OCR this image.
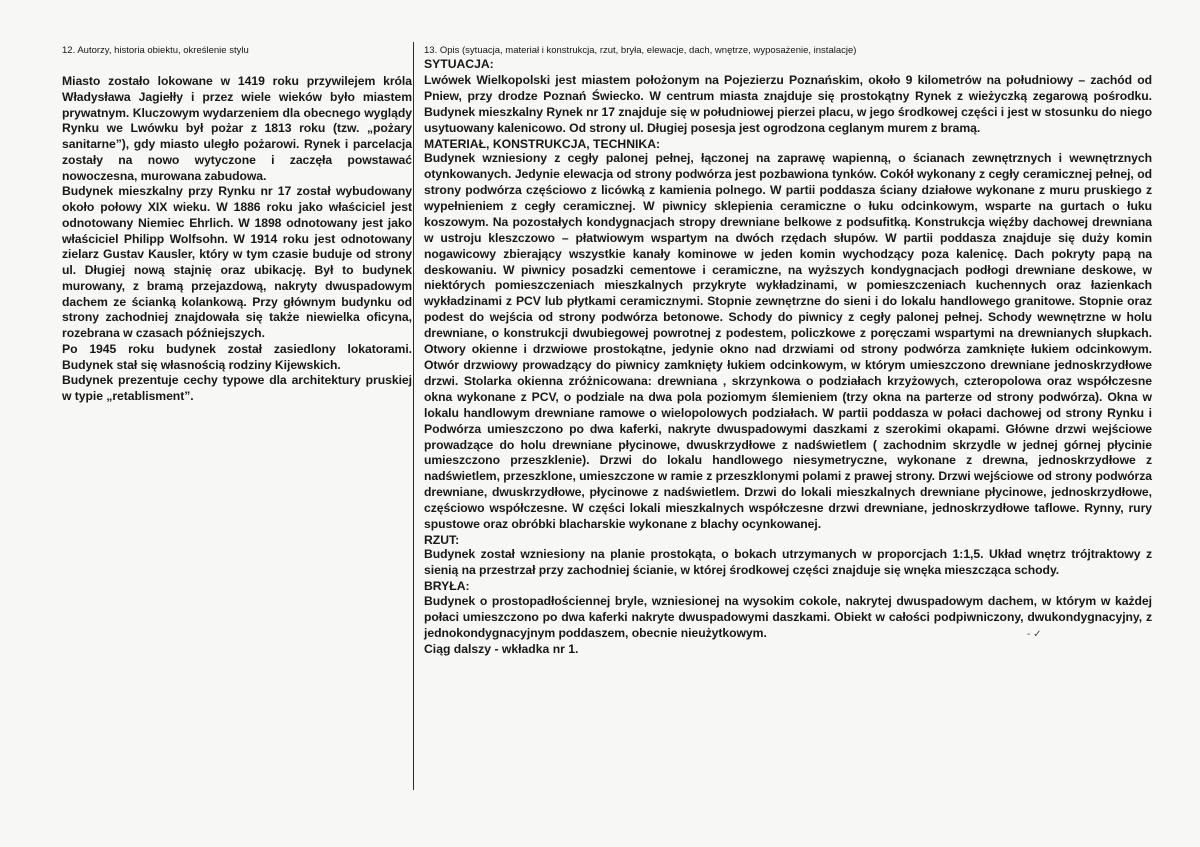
12. Autorzy, historia obiektu, określenie stylu

Miasto zostało lokowane w 1419 roku przywilejem króla Władysława Jagiełły i przez wiele wieków było miastem prywatnym. Kluczowym wydarzeniem dla obecnego wyglądy Rynku we Lwówku był pożar z 1813 roku (tzw. „pożary sanitarne”), gdy miasto uległo pożarowi. Rynek i parcelacja zostały na nowo wytyczone i zaczęła powstawać nowoczesna, murowana zabudowa.

Budynek mieszkalny przy Rynku nr 17 został wybudowany około połowy XIX wieku. W 1886 roku jako właściciel jest odnotowany Niemiec Ehrlich. W 1898 odnotowany jest jako właściciel Philipp Wolfsohn. W 1914 roku jest odnotowany zielarz Gustav Kausler, który w tym czasie buduje od strony ul. Długiej nową stajnię oraz ubikację. Był to budynek murowany, z bramą przejazdową, nakryty dwuspadowym dachem ze ścianką kolankową. Przy głównym budynku od strony zachodniej znajdowała się także niewielka oficyna, rozebrana w czasach późniejszych.

Po 1945 roku budynek został zasiedlony lokatorami. Budynek stał się własnością rodziny Kijewskich.

Budynek prezentuje cechy typowe dla architektury pruskiej w typie „retablisment”.

13. Opis (sytuacja, materiał i konstrukcja, rzut, bryła, elewacje, dach, wnętrze, wyposażenie, instalacje)

SYTUACJA:

Lwówek Wielkopolski jest miastem położonym na Pojezierzu Poznańskim, około 9 kilometrów na południowy – zachód od Pniew, przy drodze Poznań Świecko. W centrum miasta znajduje się prostokątny Rynek z wieżyczką zegarową pośrodku. Budynek mieszkalny Rynek nr 17 znajduje się w południowej pierzei placu, w jego środkowej części i jest w stosunku do niego usytuowany kalenicowo. Od strony ul. Długiej posesja jest ogrodzona ceglanym murem z bramą.

MATERIAŁ, KONSTRUKCJA, TECHNIKA:

Budynek wzniesiony z cegły palonej pełnej, łączonej na zaprawę wapienną, o ścianach zewnętrznych i wewnętrznych otynkowanych. Jedynie elewacja od strony podwórza jest pozbawiona tynków. Cokół wykonany z cegły ceramicznej pełnej, od strony podwórza częściowo z licówką z kamienia polnego. W partii poddasza ściany działowe wykonane z muru pruskiego z wypełnieniem z cegły ceramicznej. W piwnicy sklepienia ceramiczne o łuku odcinkowym, wsparte na gurtach o łuku koszowym. Na pozostałych kondygnacjach stropy drewniane belkowe z podsufitką. Konstrukcja więźby dachowej drewniana w ustroju kleszczowo – płatwiowym wspartym na dwóch rzędach słupów. W partii poddasza znajduje się duży komin nogawicowy zbierający wszystkie kanały kominowe w jeden komin wychodzący poza kalenicę. Dach pokryty papą na deskowaniu. W piwnicy posadzki cementowe i ceramiczne, na wyższych kondygnacjach podłogi drewniane deskowe, w niektórych pomieszczeniach mieszkalnych przykryte wykładzinami, w pomieszczeniach kuchennych oraz łazienkach wykładzinami z PCV lub płytkami ceramicznymi. Stopnie zewnętrzne do sieni i do lokalu handlowego granitowe. Stopnie oraz podest do wejścia od strony podwórza betonowe. Schody do piwnicy z cegły palonej pełnej. Schody wewnętrzne w holu drewniane, o konstrukcji dwubiegowej powrotnej z podestem, policzkowe z poręczami wspartymi na drewnianych słupkach. Otwory okienne i drzwiowe prostokątne, jedynie okno nad drzwiami od strony podwórza zamknięte łukiem odcinkowym. Otwór drzwiowy prowadzący do piwnicy zamknięty łukiem odcinkowym, w którym umieszczono drewniane jednoskrzydłowe drzwi. Stolarka okienna zróżnicowana: drewniana , skrzynkowa o podziałach krzyżowych, czteropolowa oraz współczesne okna wykonane z PCV, o podziale na dwa pola poziomym ślemieniem (trzy okna na parterze od strony podwórza). Okna w lokalu handlowym drewniane ramowe o wielopolowych podziałach. W partii poddasza w połaci dachowej od strony Rynku i Podwórza umieszczono po dwa kaferki, nakryte dwuspadowymi daszkami z szerokimi okapami. Główne drzwi wejściowe prowadzące do holu drewniane płycinowe, dwuskrzydłowe z nadświetlem ( zachodnim skrzydle w jednej górnej płycinie umieszczono przeszklenie). Drzwi do lokalu handlowego niesymetryczne, wykonane z drewna, jednoskrzydłowe z nadświetlem, przeszklone, umieszczone w ramie z przeszklonymi polami z prawej strony. Drzwi wejściowe od strony podwórza drewniane, dwuskrzydłowe, płycinowe z nadświetlem. Drzwi do lokali mieszkalnych drewniane płycinowe, jednoskrzydłowe, częściowo współczesne. W części lokali mieszkalnych współczesne drzwi drewniane, jednoskrzydłowe taflowe. Rynny, rury spustowe oraz obróbki blacharskie wykonane z blachy ocynkowanej.

RZUT:

Budynek został wzniesiony na planie prostokąta, o bokach utrzymanych w proporcjach 1:1,5. Układ wnętrz trójtraktowy z sienią na przestrzał przy zachodniej ścianie, w której środkowej części znajduje się wnęka mieszcząca schody.

BRYŁA:

Budynek o prostopadłościennej bryle, wzniesionej na wysokim cokole, nakrytej dwuspadowym dachem, w którym w każdej połaci umieszczono po dwa kaferki nakryte dwuspadowymi daszkami. Obiekt w całości podpiwniczony, dwukondygnacyjny, z jednokondygnacyjnym poddaszem, obecnie nieużytkowym.

Ciąg dalszy - wkładka nr 1.

- ✓
